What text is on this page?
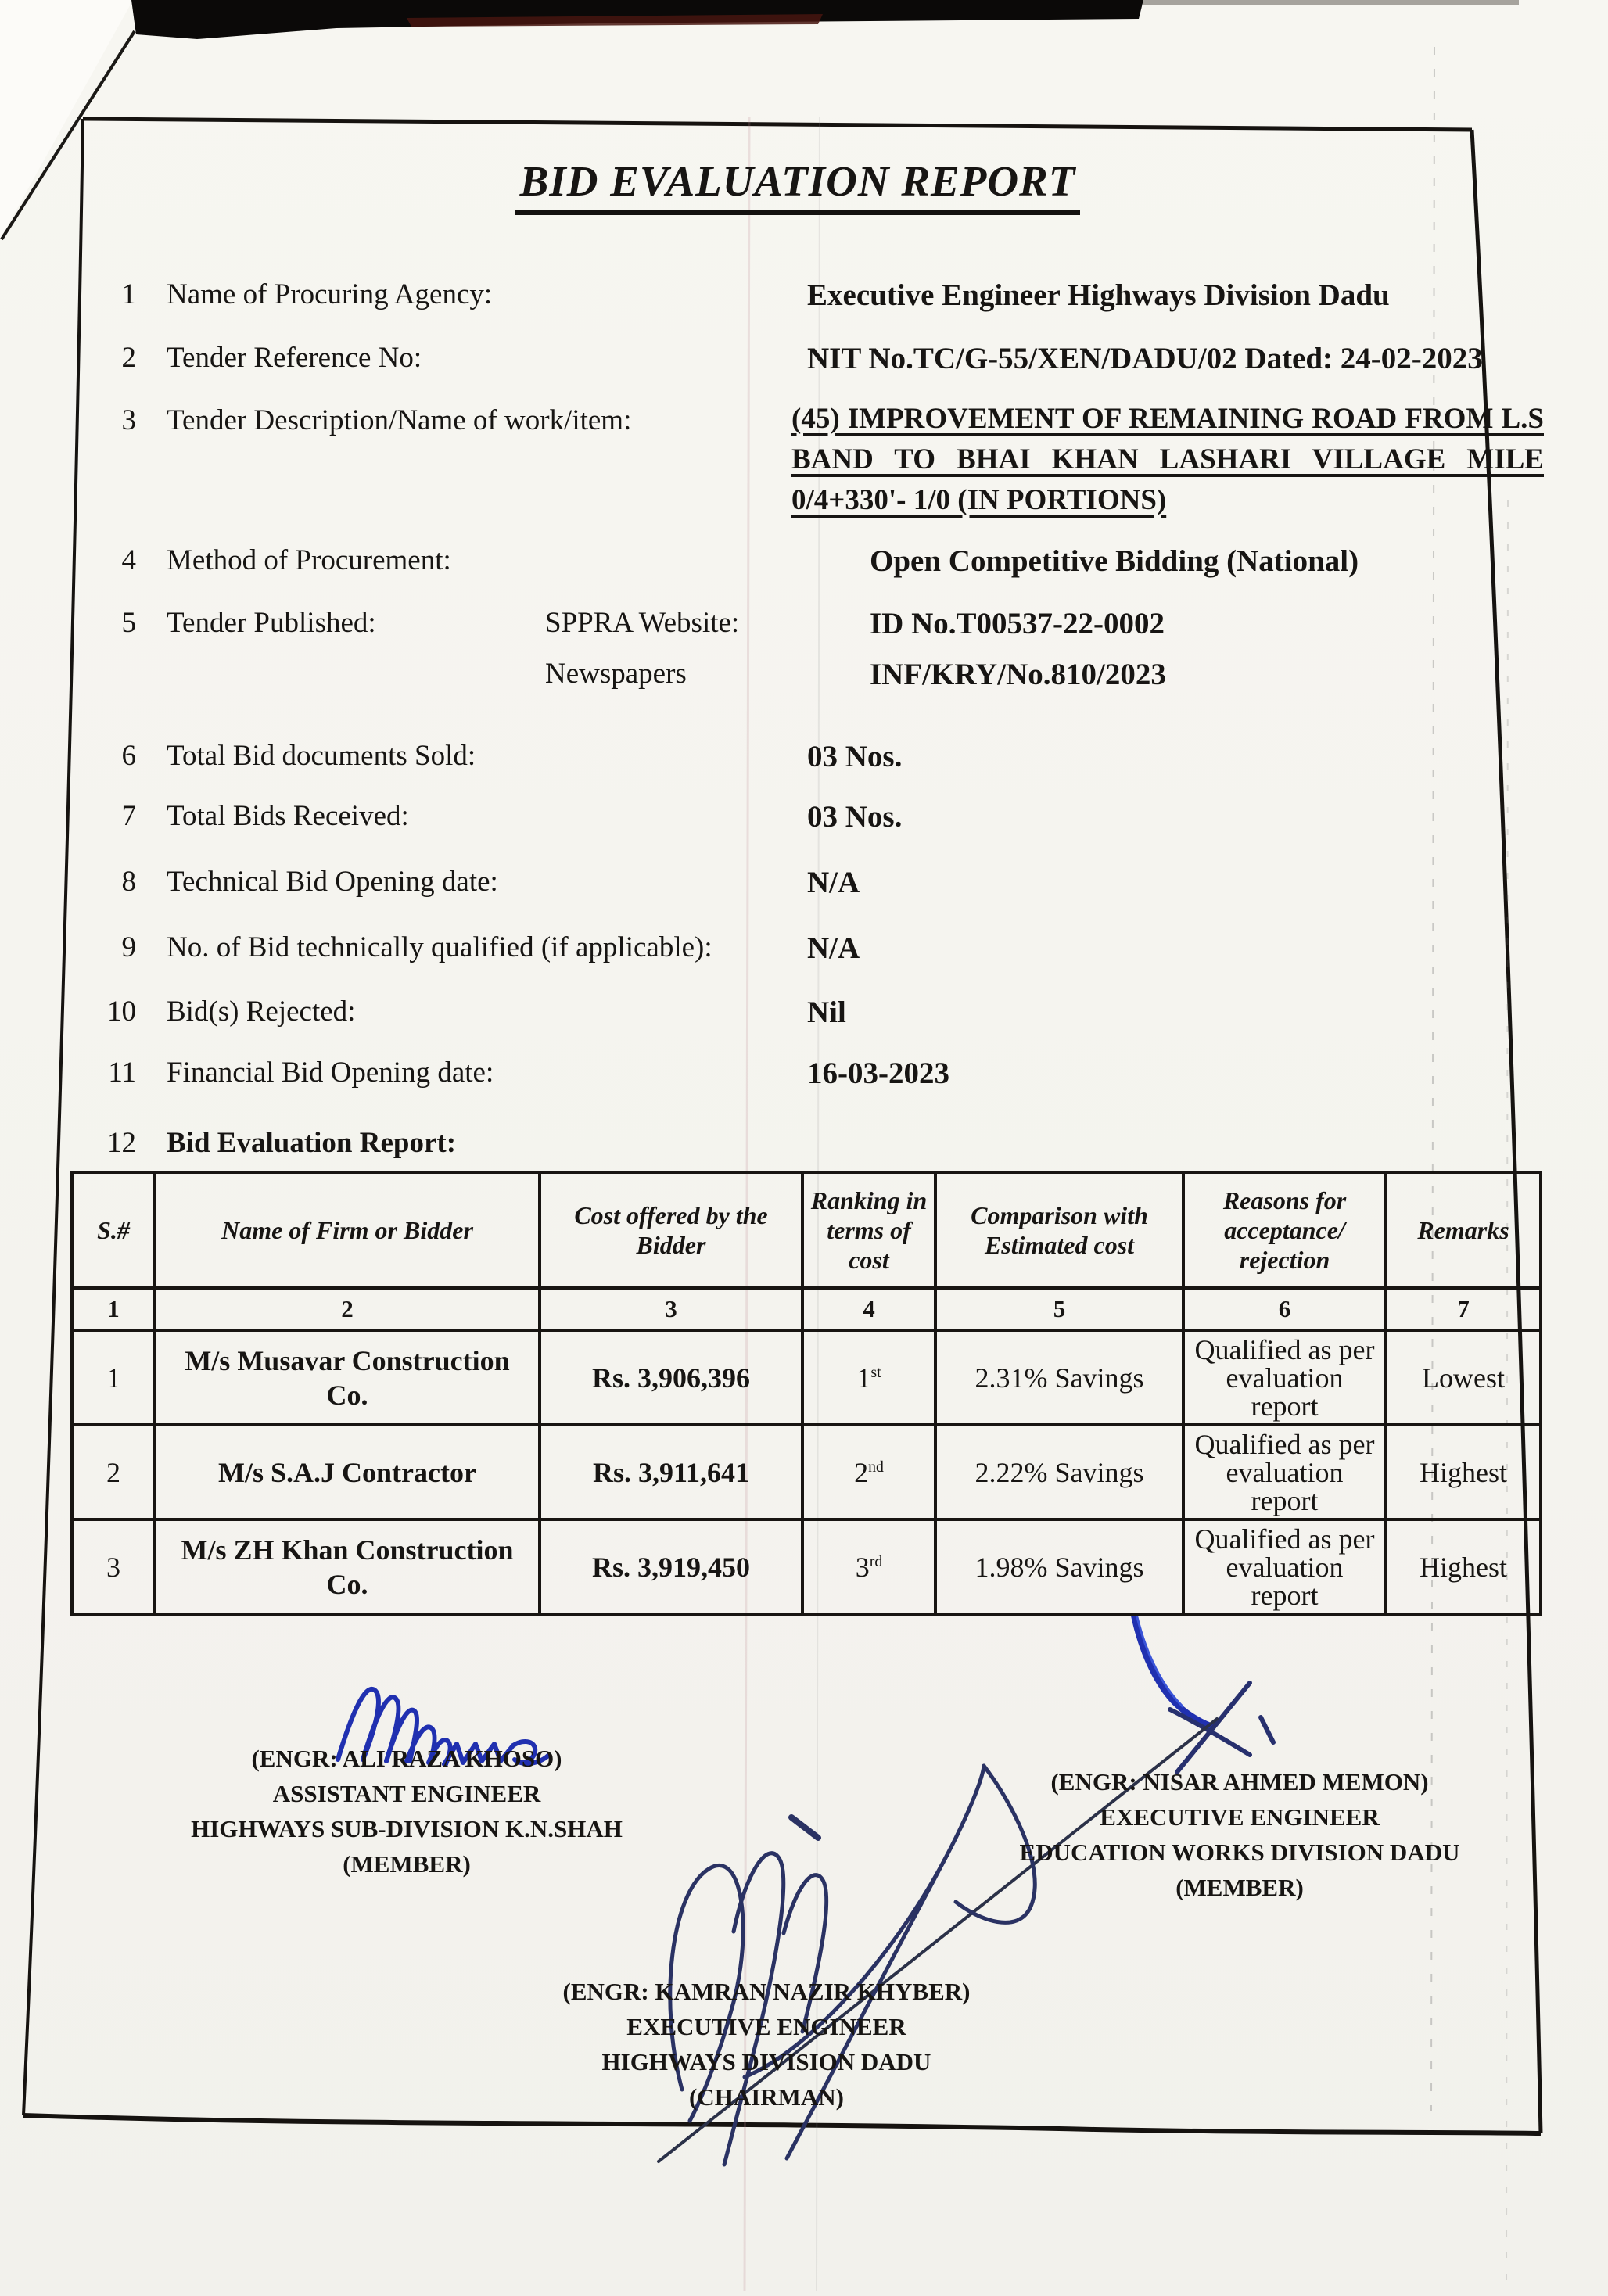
BID EVALUATION REPORT
1 Name of Procuring Agency:	Executive Engineer Highways Division Dadu
2 Tender Reference No:	NIT No.TC/G-55/XEN/DADU/02 Dated: 24-02-2023
3 Tender Description/Name of work/item:	(45) IMPROVEMENT OF REMAINING ROAD FROM L.S BAND TO BHAI KHAN LASHARI VILLAGE MILE 0/4+330'- 1/0 (IN PORTIONS)
4 Method of Procurement:	Open Competitive Bidding (National)
5 Tender Published:	SPPRA Website:	ID No.T00537-22-0002
Newspapers	INF/KRY/No.810/2023
6 Total Bid documents Sold:	03 Nos.
7 Total Bids Received:	03 Nos.
8 Technical Bid Opening date:	N/A
9 No. of Bid technically qualified (if applicable):	N/A
10 Bid(s) Rejected:	Nil
11 Financial Bid Opening date:	16-03-2023
12 Bid Evaluation Report:
S.#	Name of Firm or Bidder	Cost offered by the Bidder	Ranking in terms of cost	Comparison with Estimated cost	Reasons for acceptance/ rejection	Remarks
1	2	3	4	5	6	7
1	M/s Musavar Construction Co.	Rs. 3,906,396	1st	2.31% Savings	Qualified as per evaluation report	Lowest
2	M/s S.A.J Contractor	Rs. 3,911,641	2nd	2.22% Savings	Qualified as per evaluation report	Highest
3	M/s ZH Khan Construction Co.	Rs. 3,919,450	3rd	1.98% Savings	Qualified as per evaluation report	Highest
(ENGR: ALI RAZA KHOSO)
ASSISTANT ENGINEER
HIGHWAYS SUB-DIVISION K.N.SHAH
(MEMBER)
(ENGR: NISAR AHMED MEMON)
EXECUTIVE ENGINEER
EDUCATION WORKS DIVISION DADU
(MEMBER)
(ENGR: KAMRAN NAZIR KHYBER)
EXECUTIVE ENGINEER
HIGHWAYS DIVISION DADU
(CHAIRMAN)
